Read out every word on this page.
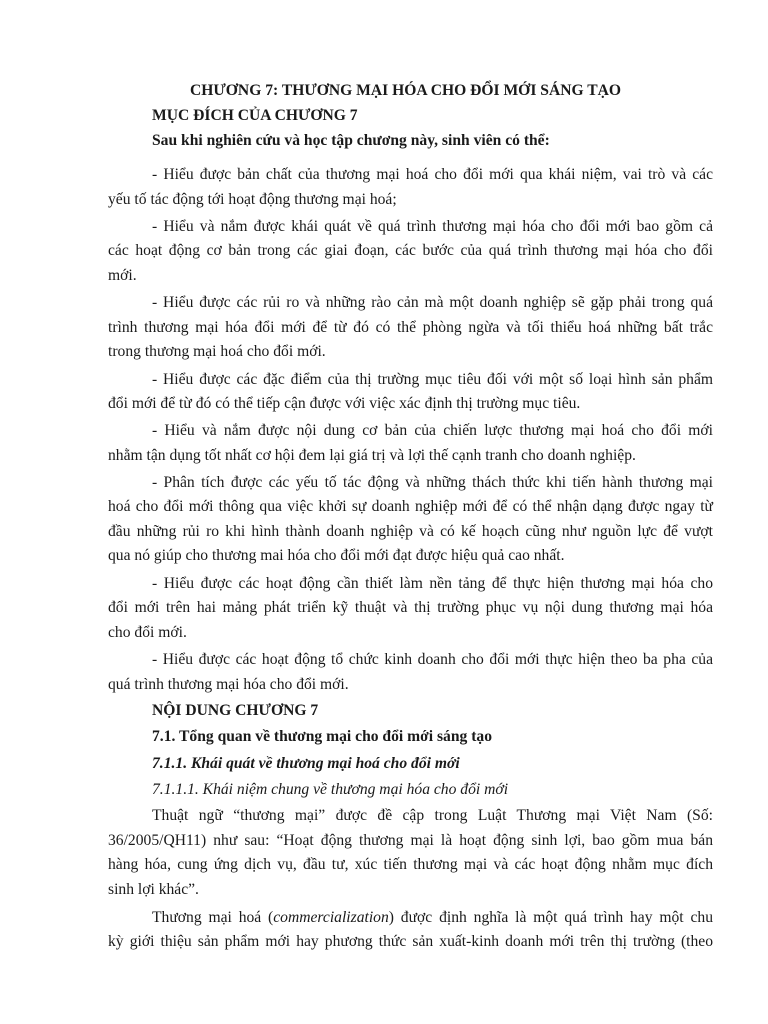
CHƯƠNG 7: THƯƠNG MẠI HÓA CHO ĐỔI MỚI SÁNG TẠO
MỤC ĐÍCH CỦA CHƯƠNG 7
Sau khi nghiên cứu và học tập chương này, sinh viên có thể:
- Hiểu được bản chất của thương mại hoá cho đổi mới qua khái niệm, vai trò và các
yếu tố tác động tới hoạt động thương mại hoá;
- Hiểu và nắm được khái quát về quá trình thương mại hóa cho đổi mới bao gồm cả
các hoạt động cơ bản trong các giai đoạn, các bước của quá trình thương mại hóa cho đổi
mới.
- Hiểu được các rủi ro và những rào cản mà một doanh nghiệp sẽ gặp phải trong quá
trình thương mại hóa đổi mới để từ đó có thể phòng ngừa và tối thiểu hoá những bất trắc
trong thương mại hoá cho đổi mới.
- Hiểu được các đặc điểm của thị trường mục tiêu đối với một số loại hình sản phẩm
đổi mới để từ đó có thể tiếp cận được với việc xác định thị trường mục tiêu.
- Hiểu và nắm được nội dung cơ bản của chiến lược thương mại hoá cho đổi mới
nhằm tận dụng tốt nhất cơ hội đem lại giá trị và lợi thế cạnh tranh cho doanh nghiệp.
- Phân tích được các yếu tố tác động và những thách thức khi tiến hành thương mại
hoá cho đổi mới thông qua việc khởi sự doanh nghiệp mới để có thể nhận dạng được ngay từ
đầu những rủi ro khi hình thành doanh nghiệp và có kế hoạch cũng như nguồn lực để vượt
qua nó giúp cho thương mai hóa cho đổi mới đạt được hiệu quả cao nhất.
- Hiểu được các hoạt động cần thiết làm nền tảng để thực hiện thương mại hóa cho
đổi mới trên hai mảng phát triển kỹ thuật và thị trường phục vụ nội dung thương mại hóa
cho đổi mới.
- Hiểu được các hoạt động tổ chức kinh doanh cho đổi mới thực hiện theo ba pha của
quá trình thương mại hóa cho đổi mới.
NỘI DUNG CHƯƠNG 7
7.1. Tổng quan về thương mại cho đổi mới sáng tạo
7.1.1. Khái quát về thương mại hoá cho đổi mới
7.1.1.1. Khái niệm chung về thương mại hóa cho đổi mới
Thuật ngữ “thương mại” được đề cập trong Luật Thương mại Việt Nam (Số:
36/2005/QH11) như sau: “Hoạt động thương mại là hoạt động sinh lợi, bao gồm mua bán
hàng hóa, cung ứng dịch vụ, đầu tư, xúc tiến thương mại và các hoạt động nhằm mục đích
sinh lợi khác”.
Thương mại hoá (commercialization) được định nghĩa là một quá trình hay một chu
kỳ giới thiệu sản phẩm mới hay phương thức sản xuất-kinh doanh mới trên thị trường (theo
